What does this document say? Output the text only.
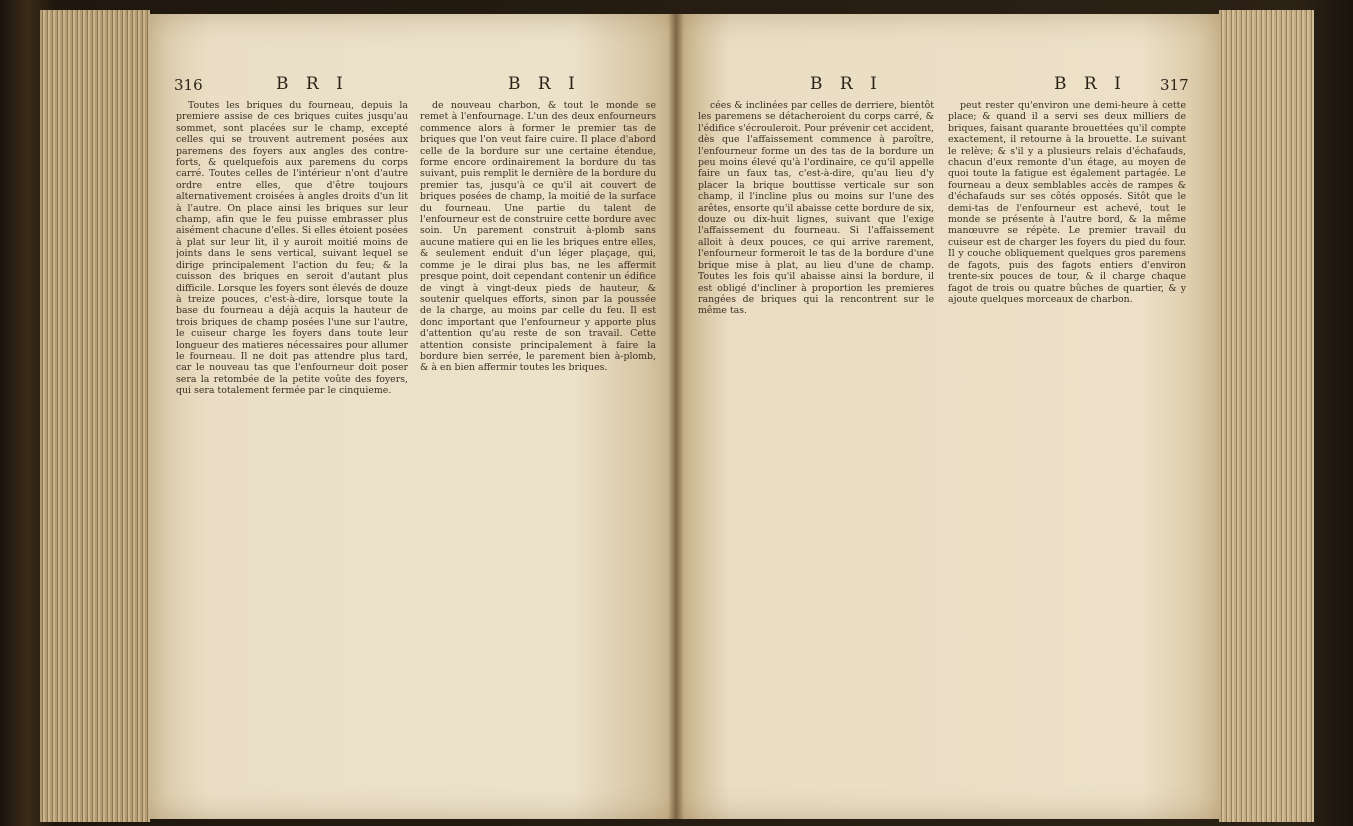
316	B R I	B R I

Toutes les briques du fourneau, depuis la premiere assise de ces briques cuites jusqu'au sommet, sont placées sur le champ, excepté celles qui se trouvent autrement posées aux paremens des foyers aux angles des contre-forts, & quelquefois aux paremens du corps carré. Toutes celles de l'intérieur n'ont d'autre ordre entre elles, que d'être toujours alternativement croisées à angles droits d'un lit à l'autre. On place ainsi les briques sur leur champ, afin que le feu puisse embrasser plus aisément chacune d'elles. Si elles étoient posées à plat sur leur lit, il y auroit moitié moins de joints dans le sens vertical, suivant lequel se dirige principalement l'action du feu; & la cuisson des briques en seroit d'autant plus difficile. Lorsque les foyers sont élevés de douze à treize pouces, c'est-à-dire, lorsque toute la base du fourneau a déjà acquis la hauteur de trois briques de champ posées l'une sur l'autre, le cuiseur charge les foyers dans toute leur longueur des matieres nécessaires pour allumer le fourneau. Il ne doit pas attendre plus tard, car le nouveau tas que l'enfourneur doit poser sera la retombée de la petite voûte des foyers, qui sera totalement fermée par le cinquieme.

de nouveau charbon, & tout le monde se remet à l'enfournage. L'un des deux enfourneurs commence alors à former le premier tas de briques que l'on veut faire cuire. Il place d'abord celle de la bordure sur une certaine étendue, forme encore ordinairement la bordure du tas suivant, puis remplit le dernière de la bordure du premier tas, jusqu'à ce qu'il ait couvert de briques posées de champ, la moitié de la surface du fourneau. Une partie du talent de l'enfourneur est de construire cette bordure avec soin. Un parement construit à-plomb sans aucune matiere qui en lie les briques entre elles, & seulement enduit d'un léger plaçage, qui, comme je le dirai plus bas, ne les affermit presque point, doit cependant contenir un édifice de vingt à vingt-deux pieds de hauteur, & soutenir quelques efforts, sinon par la poussée de la charge, au moins par celle du feu. Il est donc important que l'enfourneur y apporte plus d'attention qu'au reste de son travail. Cette attention consiste principalement à faire la bordure bien serrée, le parement bien à-plomb, & à en bien affermir toutes les briques.

B R I	B R I 317

cées & inclinées par celles de derriere, bientôt les paremens se détacheroient du corps carré, & l'édifice s'écrouleroit. Pour prévenir cet accident, dès que l'affaissement commence à paroître, l'enfourneur forme un des tas de la bordure un peu moins élevé qu'à l'ordinaire, ce qu'il appelle faire un faux tas, c'est-à-dire, qu'au lieu d'y placer la brique bouttisse verticale sur son champ, il l'incline plus ou moins sur l'une des arêtes, ensorte qu'il abaisse cette bordure de six, douze ou dix-huit lignes, suivant que l'exige l'affaissement du fourneau. Si l'affaissement alloit à deux pouces, ce qui arrive rarement, l'enfourneur formeroit le tas de la bordure d'une brique mise à plat, au lieu d'une de champ. Toutes les fois qu'il abaisse ainsi la bordure, il est obligé d'incliner à proportion les premieres rangées de briques qui la rencontrent sur le même tas.

peut rester qu'environ une demi-heure à cette place; & quand il a servi ses deux milliers de briques, faisant quarante brouettées qu'il compte exactement, il retourne à la brouette. Le suivant le relève; & s'il y a plusieurs relais d'échafauds, chacun d'eux remonte d'un étage, au moyen de quoi toute la fatigue est également partagée. Le fourneau a deux semblables accès de rampes & d'échafauds sur ses côtés opposés. Sitôt que le demi-tas de l'enfourneur est achevé, tout le monde se présente à l'autre bord, & la même manœuvre se répète. Le premier travail du cuiseur est de charger les foyers du pied du four. Il y couche obliquement quelques gros paremens de fagots, puis des fagots entiers d'environ trente-six pouces de tour, & il charge chaque fagot de trois ou quatre bûches de quartier, & y ajoute quelques morceaux de charbon.
